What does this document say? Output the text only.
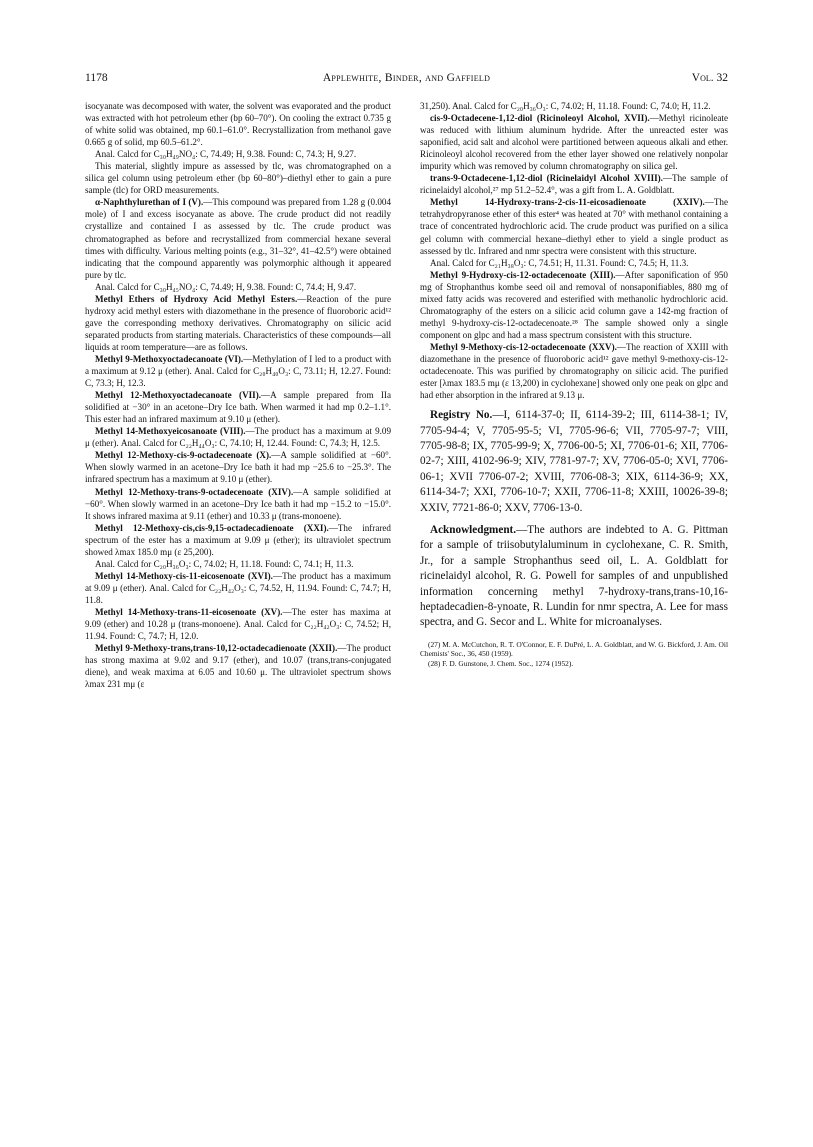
1178	Applewhite, Binder, and Gaffield	Vol. 32

isocyanate was decomposed with water, the solvent was evaporated and the product was extracted with hot petroleum ether (bp 60–70°). On cooling the extract 0.735 g of white solid was obtained, mp 60.1–61.0°. Recrystallization from methanol gave 0.665 g of solid, mp 60.5–61.2°.

Anal. Calcd for C₃₀H₄₉NO₄: C, 74.49; H, 9.38. Found: C, 74.3; H, 9.27.

This material, slightly impure as assessed by tlc, was chromatographed on a silica gel column using petroleum ether (bp 60–80°)–diethyl ether to gain a pure sample (tlc) for ORD measurements.

α-Naphthylurethan of I (V).—This compound was prepared from 1.28 g (0.004 mole) of I and excess isocyanate as above. The crude product did not readily crystallize and contained I as assessed by tlc. The crude product was chromatographed as before and recrystallized from commercial hexane several times with difficulty. Various melting points (e.g., 31–32°, 41–42.5°) were obtained indicating that the compound apparently was polymorphic although it appeared pure by tlc.

Anal. Calcd for C₃₀H₄₅NO₄: C, 74.49; H, 9.38. Found: C, 74.4; H, 9.47.

Methyl Ethers of Hydroxy Acid Methyl Esters.—Reaction of the pure hydroxy acid methyl esters with diazomethane in the presence of fluoroboric acid¹² gave the corresponding methoxy derivatives. Chromatography on silicic acid separated products from starting materials. Characteristics of these compounds—all liquids at room temperature—are as follows.

Methyl 9-Methoxyoctadecanoate (VI).—Methylation of I led to a product with a maximum at 9.12 μ (ether). Anal. Calcd for C₂₀H₄₀O₃: C, 73.11; H, 12.27. Found: C, 73.3; H, 12.3.

Methyl 12-Methoxyoctadecanoate (VII).—A sample prepared from IIa solidified at −30° in an acetone–Dry Ice bath. When warmed it had mp 0.2–1.1°. This ester had an infrared maximum at 9.10 μ (ether).

Methyl 14-Methoxyeicosanoate (VIII).—The product has a maximum at 9.09 μ (ether). Anal. Calcd for C₂₂H₄₄O₃: C, 74.10; H, 12.44. Found: C, 74.3; H, 12.5.

Methyl 12-Methoxy-cis-9-octadecenoate (X).—A sample solidified at −60°. When slowly warmed in an acetone–Dry Ice bath it had mp −25.6 to −25.3°. The infrared spectrum has a maximum at 9.10 μ (ether).

Methyl 12-Methoxy-trans-9-octadecenoate (XIV).—A sample solidified at −60°. When slowly warmed in an acetone–Dry Ice bath it had mp −15.2 to −15.0°. It shows infrared maxima at 9.11 (ether) and 10.33 μ (trans-monoene).

Methyl 12-Methoxy-cis,cis-9,15-octadecadienoate (XXI).—The infrared spectrum of the ester has a maximum at 9.09 μ (ether); its ultraviolet spectrum showed λmax 185.0 mμ (ε 25,200).

Anal. Calcd for C₂₀H₃₆O₃: C, 74.02; H, 11.18. Found: C, 74.1; H, 11.3.

Methyl 14-Methoxy-cis-11-eicosenoate (XVI).—The product has a maximum at 9.09 μ (ether). Anal. Calcd for C₂₂H₄₂O₃: C, 74.52, H, 11.94. Found: C, 74.7; H, 11.8.

Methyl 14-Methoxy-trans-11-eicosenoate (XV).—The ester has maxima at 9.09 (ether) and 10.28 μ (trans-monoene). Anal. Calcd for C₂₂H₄₂O₃: C, 74.52; H, 11.94. Found: C, 74.7; H, 12.0.

Methyl 9-Methoxy-trans,trans-10,12-octadecadienoate (XXII).—The product has strong maxima at 9.02 and 9.17 (ether), and 10.07 (trans,trans-conjugated diene), and weak maxima at 6.05 and 10.60 μ. The ultraviolet spectrum shows λmax 231 mμ (ε

31,250). Anal. Calcd for C₂₀H₃₆O₃: C, 74.02; H, 11.18. Found: C, 74.0; H, 11.2.

cis-9-Octadecene-1,12-diol (Ricinoleoyl Alcohol, XVII).—Methyl ricinoleate was reduced with lithium aluminum hydride. After the unreacted ester was saponified, acid salt and alcohol were partitioned between aqueous alkali and ether. Ricinoleoyl alcohol recovered from the ether layer showed one relatively nonpolar impurity which was removed by column chromatography on silica gel.

trans-9-Octadecene-1,12-diol (Ricinelaidyl Alcohol XVIII).—The sample of ricinelaidyl alcohol,²⁷ mp 51.2–52.4°, was a gift from L. A. Goldblatt.

Methyl 14-Hydroxy-trans-2-cis-11-eicosadienoate (XXIV).—The tetrahydropyranose ether of this ester⁴ was heated at 70° with methanol containing a trace of concentrated hydrochloric acid. The crude product was purified on a silica gel column with commercial hexane–diethyl ether to yield a single product as assessed by tlc. Infrared and nmr spectra were consistent with this structure.

Anal. Calcd for C₂₁H₃₈O₃: C, 74.51; H, 11.31. Found: C, 74.5; H, 11.3.

Methyl 9-Hydroxy-cis-12-octadecenoate (XIII).—After saponification of 950 mg of Strophanthus kombe seed oil and removal of nonsaponifiables, 880 mg of mixed fatty acids was recovered and esterified with methanolic hydrochloric acid. Chromatography of the esters on a silicic acid column gave a 142-mg fraction of methyl 9-hydroxy-cis-12-octadecenoate.²⁸ The sample showed only a single component on glpc and had a mass spectrum consistent with this structure.

Methyl 9-Methoxy-cis-12-octadecenoate (XXV).—The reaction of XXIII with diazomethane in the presence of fluoroboric acid¹² gave methyl 9-methoxy-cis-12-octadecenoate. This was purified by chromatography on silicic acid. The purified ester [λmax 183.5 mμ (ε 13,200) in cyclohexane] showed only one peak on glpc and had ether absorption in the infrared at 9.13 μ.

Registry No.—I, 6114-37-0; II, 6114-39-2; III, 6114-38-1; IV, 7705-94-4; V, 7705-95-5; VI, 7705-96-6; VII, 7705-97-7; VIII, 7705-98-8; IX, 7705-99-9; X, 7706-00-5; XI, 7706-01-6; XII, 7706-02-7; XIII, 4102-96-9; XIV, 7781-97-7; XV, 7706-05-0; XVI, 7706-06-1; XVII 7706-07-2; XVIII, 7706-08-3; XIX, 6114-36-9; XX, 6114-34-7; XXI, 7706-10-7; XXII, 7706-11-8; XXIII, 10026-39-8; XXIV, 7721-86-0; XXV, 7706-13-0.

Acknowledgment.—The authors are indebted to A. G. Pittman for a sample of triisobutylaluminum in cyclohexane, C. R. Smith, Jr., for a sample Strophanthus seed oil, L. A. Goldblatt for ricinelaidyl alcohol, R. G. Powell for samples of and unpublished information concerning methyl 7-hydroxy-trans,trans-10,16-heptadecadien-8-ynoate, R. Lundin for nmr spectra, A. Lee for mass spectra, and G. Secor and L. White for microanalyses.

(27) M. A. McCutchon, R. T. O'Connor, E. F. DuPré, L. A. Goldblatt, and W. G. Bickford, J. Am. Oil Chemists' Soc., 36, 450 (1959).

(28) F. D. Gunstone, J. Chem. Soc., 1274 (1952).
